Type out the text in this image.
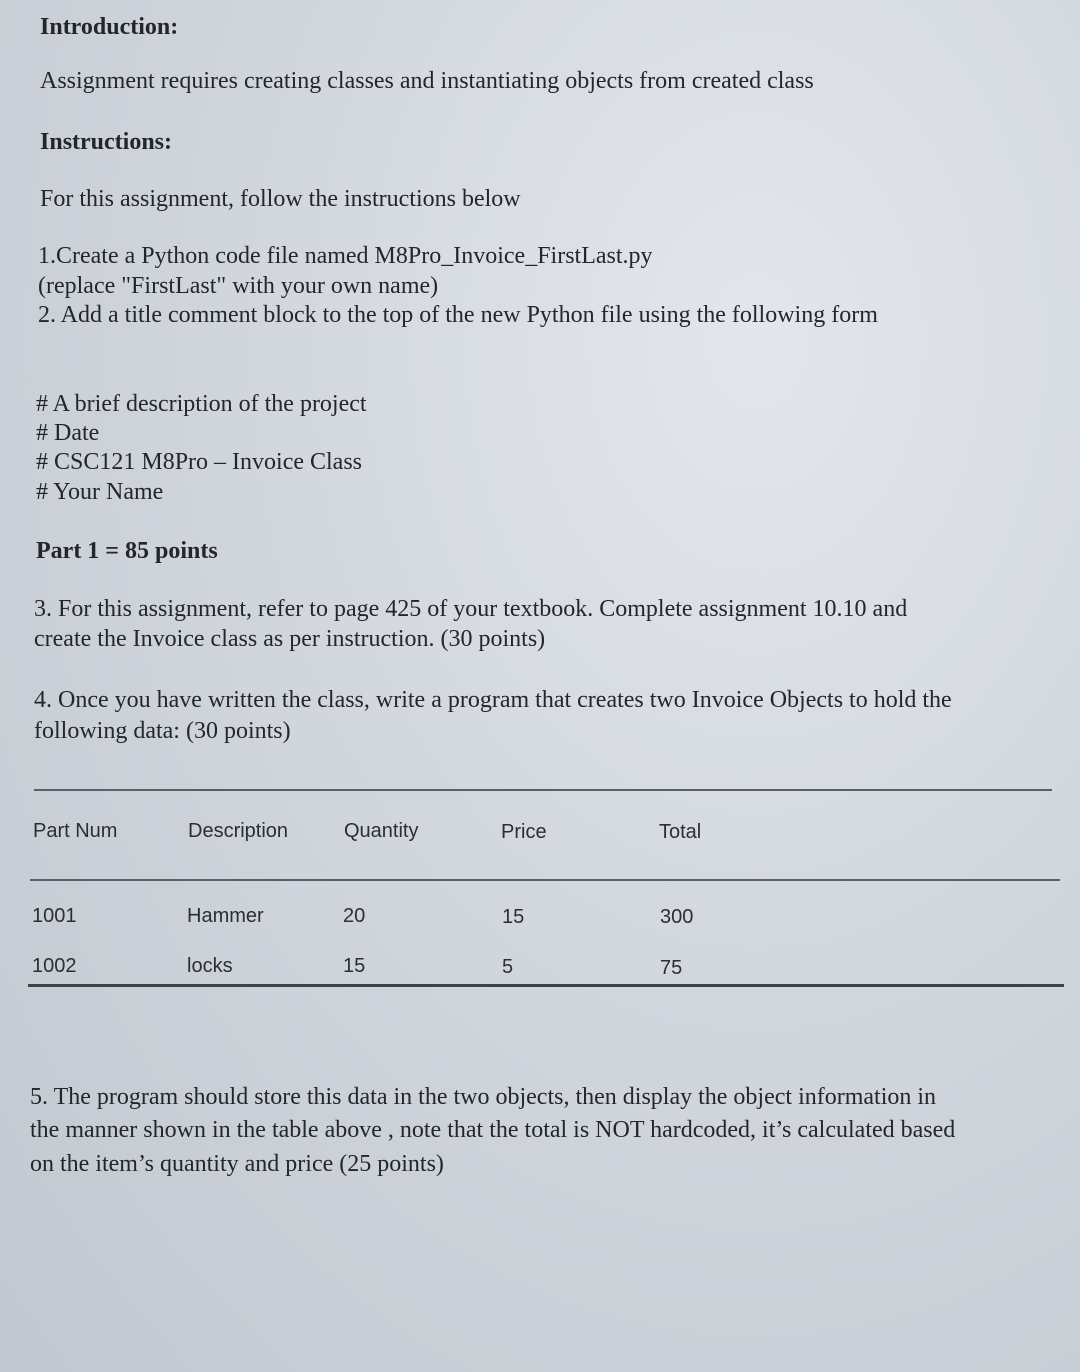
Introduction:
Assignment requires creating classes and instantiating objects from created class
Instructions:
For this assignment, follow the instructions below
1.Create a Python code file named M8Pro_Invoice_FirstLast.py
(replace "FirstLast" with your own name)
2. Add a title comment block to the top of the new Python file using the following form
# A brief description of the project
# Date
# CSC121 M8Pro – Invoice Class
# Your Name
Part 1 = 85 points
3. For this assignment, refer to page 425 of your textbook. Complete assignment 10.10 and
create the Invoice class as per instruction. (30 points)
4. Once you have written the class, write a program that creates two Invoice Objects to hold the
following data: (30 points)
Part Num	Description	Quantity	Price	Total
1001	Hammer	20	15	300
1002	locks	15	5	75
5. The program should store this data in the two objects, then display the object information in
the manner shown in the table above , note that the total is NOT hardcoded, it’s calculated based
on the item’s quantity and price (25 points)
